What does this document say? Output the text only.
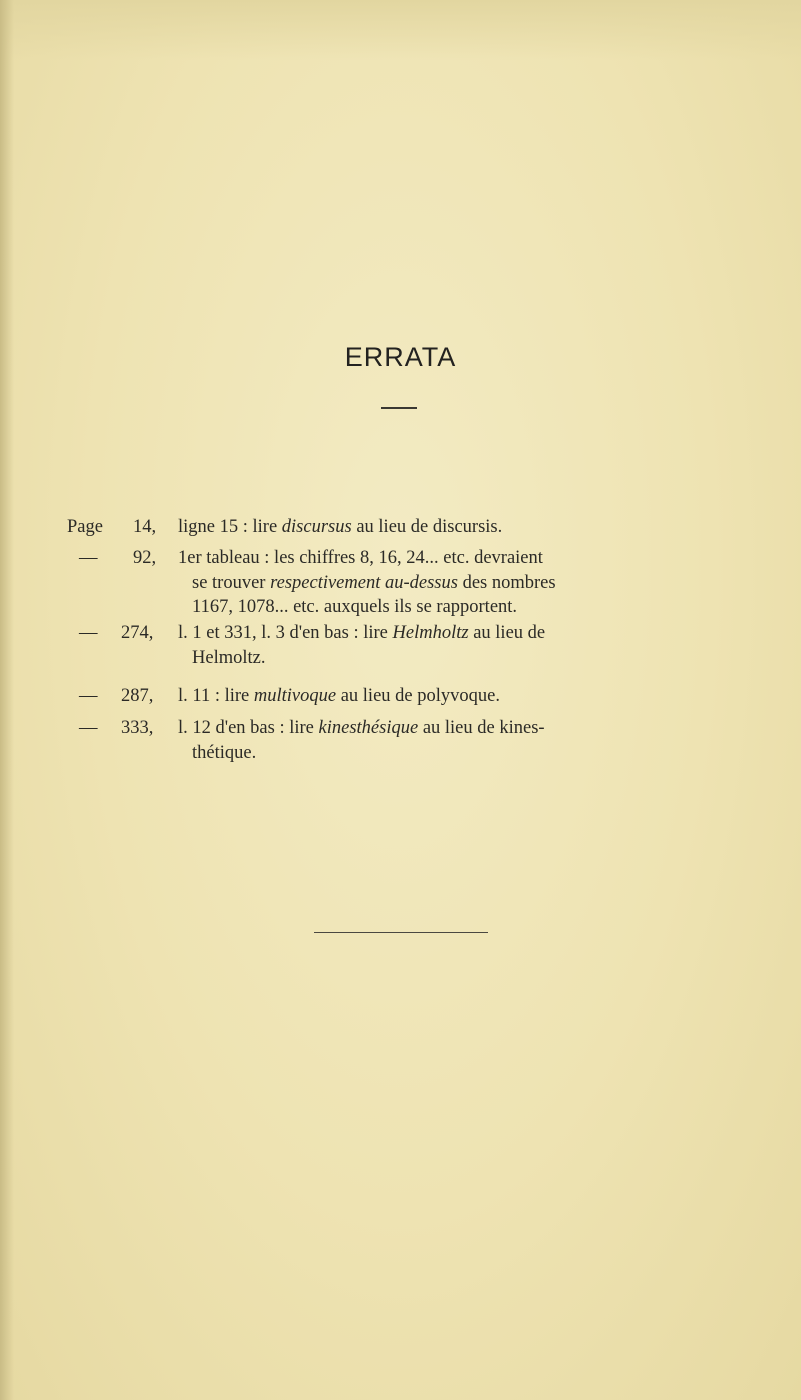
ERRATA
Page 14, ligne 15 : lire discursus au lieu de discursis.
— 92, 1er tableau : les chiffres 8, 16, 24... etc. devraient
se trouver respectivement au-dessus des nombres
1167, 1078... etc. auxquels ils se rapportent.
— 274, l. 1 et 331, l. 3 d'en bas : lire Helmholtz au lieu de
Helmoltz.
— 287, l. 11 : lire multivoque au lieu de polyvoque.
— 333, l. 12 d'en bas : lire kinesthésique au lieu de kines-
thétique.
